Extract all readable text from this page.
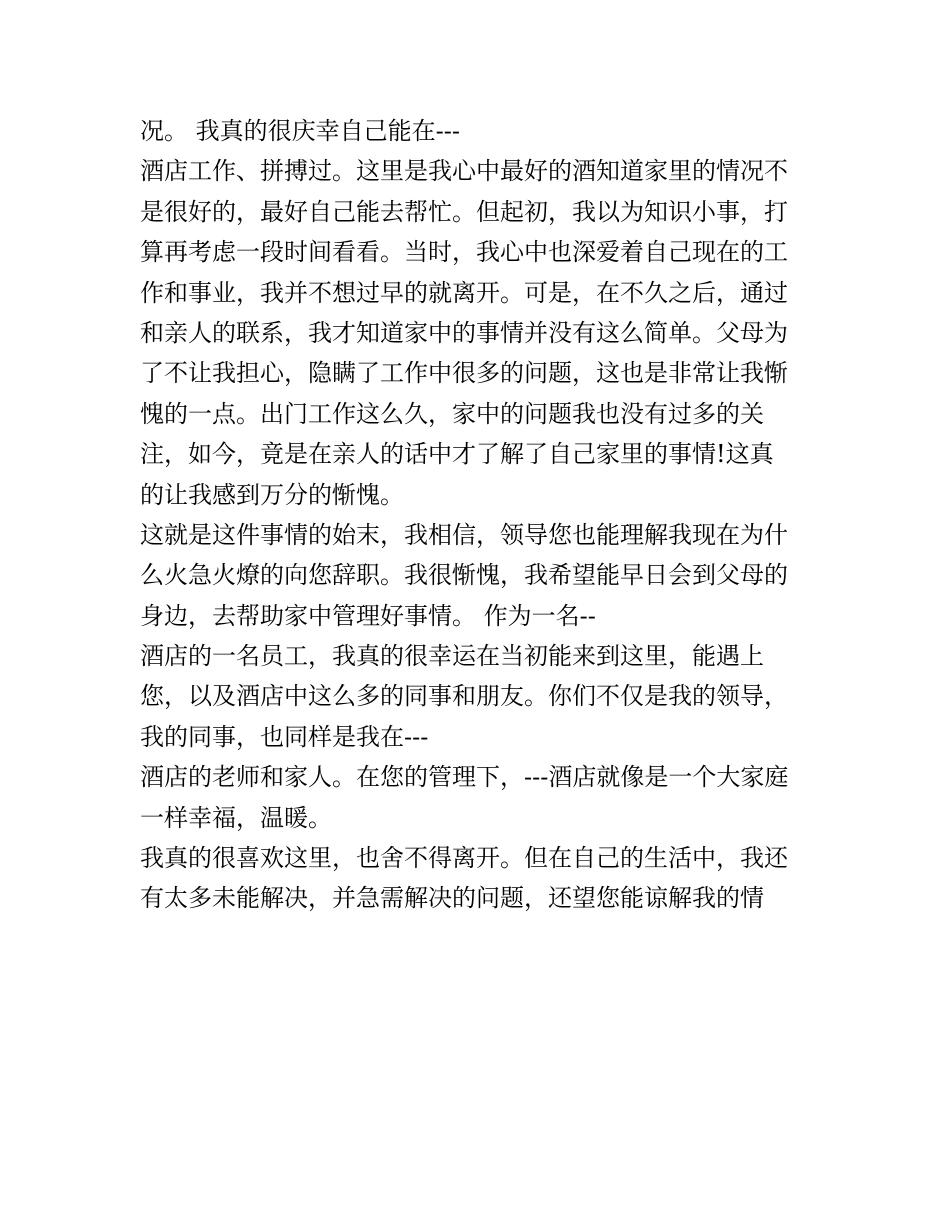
况。 我真的很庆幸自己能在---
酒店工作、拼搏过。这里是我心中最好的酒知道家里的情况不
是很好的，最好自己能去帮忙。但起初，我以为知识小事，打
算再考虑一段时间看看。当时，我心中也深爱着自己现在的工
作和事业，我并不想过早的就离开。可是，在不久之后，通过
和亲人的联系，我才知道家中的事情并没有这么简单。父母为
了不让我担心，隐瞒了工作中很多的问题，这也是非常让我惭
愧的一点。出门工作这么久，家中的问题我也没有过多的关
注，如今，竟是在亲人的话中才了解了自己家里的事情!这真
的让我感到万分的惭愧。
这就是这件事情的始末，我相信，领导您也能理解我现在为什
么火急火燎的向您辞职。我很惭愧，我希望能早日会到父母的
身边，去帮助家中管理好事情。 作为一名--
酒店的一名员工，我真的很幸运在当初能来到这里，能遇上
您，以及酒店中这么多的同事和朋友。你们不仅是我的领导，
我的同事，也同样是我在---
酒店的老师和家人。在您的管理下，---酒店就像是一个大家庭
一样幸福，温暖。
我真的很喜欢这里，也舍不得离开。但在自己的生活中，我还
有太多未能解决，并急需解决的问题，还望您能谅解我的情
